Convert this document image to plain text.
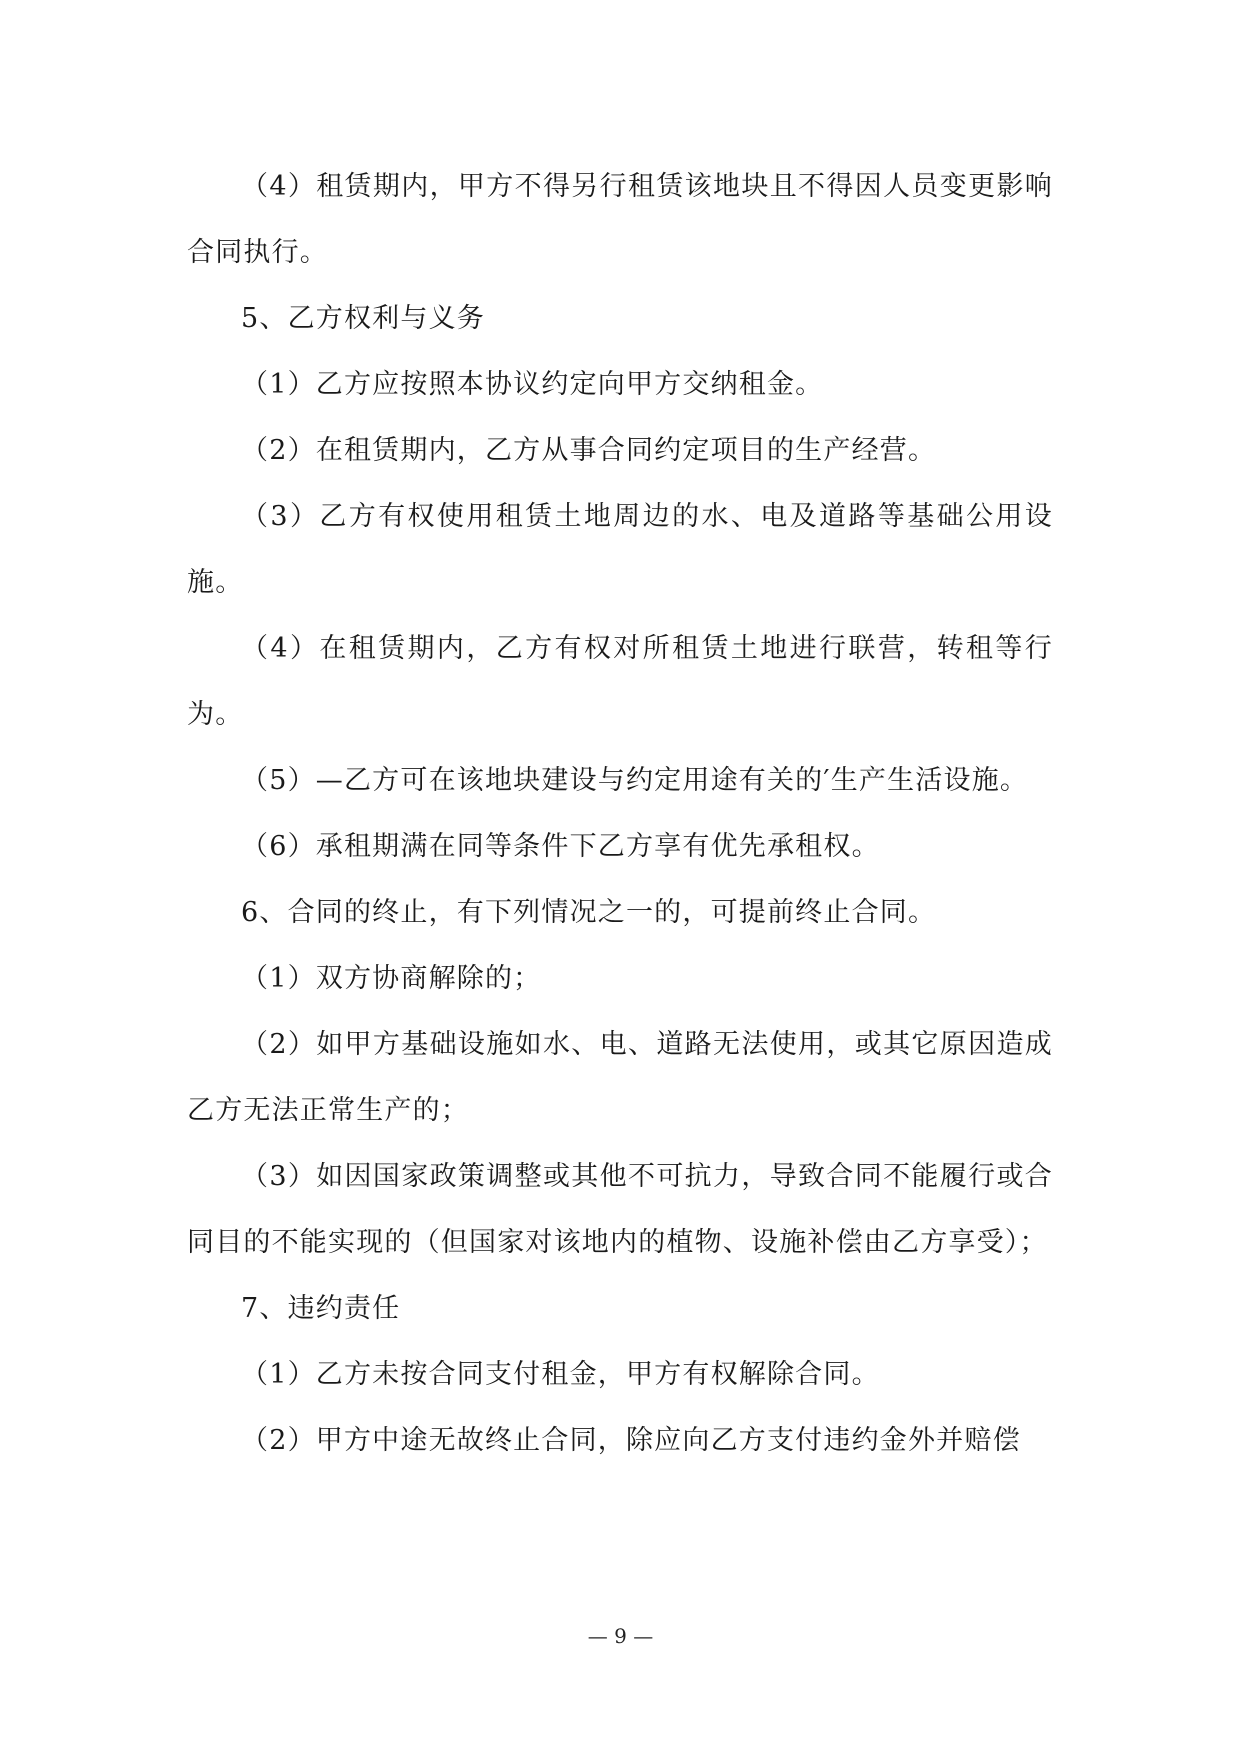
（4）租赁期内，甲方不得另行租赁该地块且不得因人员变更影响合同执行。

5、乙方权利与义务

（1）乙方应按照本协议约定向甲方交纳租金。

（2）在租赁期内，乙方从事合同约定项目的生产经营。

（3）乙方有权使用租赁土地周边的水、电及道路等基础公用设施。

（4）在租赁期内，乙方有权对所租赁土地进行联营，转租等行为。

（5）—乙方可在该地块建设与约定用途有关的′生产生活设施。

（6）承租期满在同等条件下乙方享有优先承租权。

6、合同的终止，有下列情况之一的，可提前终止合同。

（1）双方协商解除的；

（2）如甲方基础设施如水、电、道路无法使用，或其它原因造成乙方无法正常生产的；

（3）如因国家政策调整或其他不可抗力，导致合同不能履行或合同目的不能实现的（但国家对该地内的植物、设施补偿由乙方享受）；

7、违约责任

（1）乙方未按合同支付租金，甲方有权解除合同。

（2）甲方中途无故终止合同，除应向乙方支付违约金外并赔偿

— 9 —
